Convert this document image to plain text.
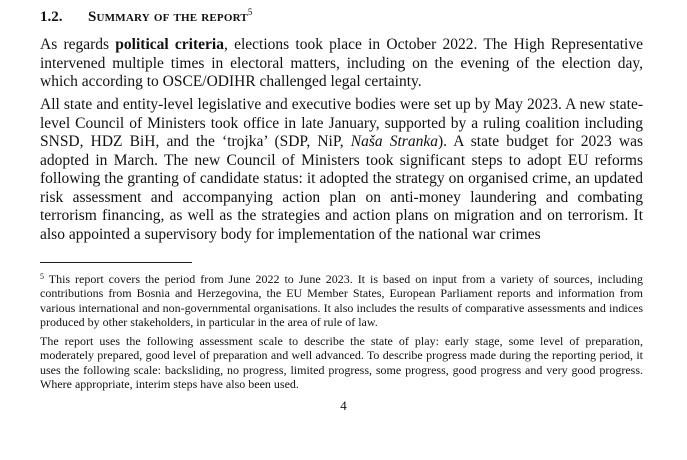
1.2. Summary of the report$^5$

As regards political criteria, elections took place in October 2022. The High Representative intervened multiple times in electoral matters, including on the evening of the election day, which according to OSCE/ODIHR challenged legal certainty.

All state and entity-level legislative and executive bodies were set up by May 2023. A new state-level Council of Ministers took office in late January, supported by a ruling coalition including SNSD, HDZ BiH, and the ‘trojka’ (SDP, NiP, Naša Stranka). A state budget for 2023 was adopted in March. The new Council of Ministers took significant steps to adopt EU reforms following the granting of candidate status: it adopted the strategy on organised crime, an updated risk assessment and accompanying action plan on anti-money laundering and combating terrorism financing, as well as the strategies and action plans on migration and on terrorism. It also appointed a supervisory body for implementation of the national war crimes

$^5$ This report covers the period from June 2022 to June 2023. It is based on input from a variety of sources, including contributions from Bosnia and Herzegovina, the EU Member States, European Parliament reports and information from various international and non-governmental organisations. It also includes the results of comparative assessments and indices produced by other stakeholders, in particular in the area of rule of law.

The report uses the following assessment scale to describe the state of play: early stage, some level of preparation, moderately prepared, good level of preparation and well advanced. To describe progress made during the reporting period, it uses the following scale: backsliding, no progress, limited progress, some progress, good progress and very good progress. Where appropriate, interim steps have also been used.

4
